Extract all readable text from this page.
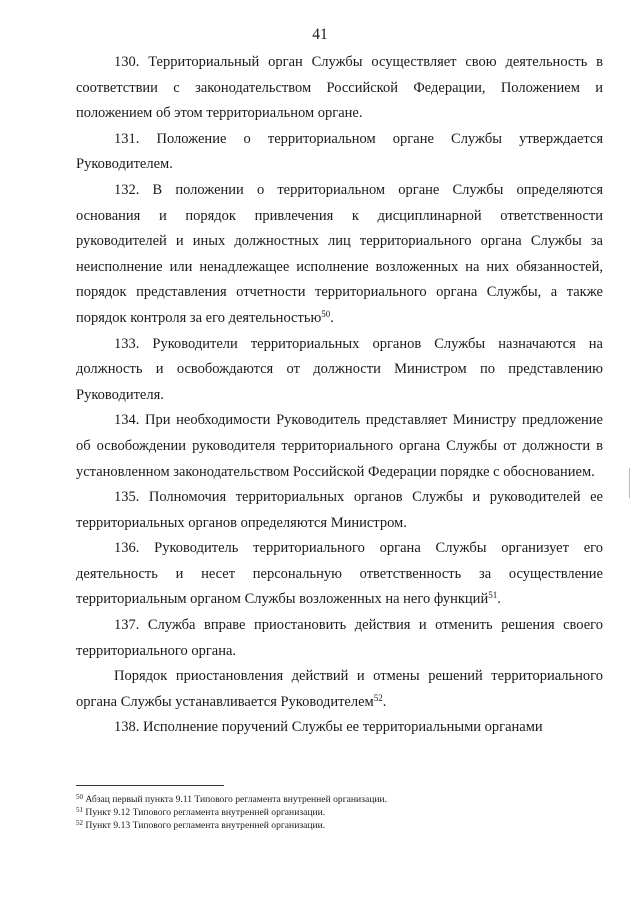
41

130. Территориальный орган Службы осуществляет свою деятельность в соответствии с законодательством Российской Федерации, Положением и положением об этом территориальном органе.

131. Положение о территориальном органе Службы утверждается Руководителем.

132. В положении о территориальном органе Службы определяются основания и порядок привлечения к дисциплинарной ответственности руководителей и иных должностных лиц территориального органа Службы за неисполнение или ненадлежащее исполнение возложенных на них обязанностей, порядок представления отчетности территориального органа Службы, а также порядок контроля за его деятельностью$^{50}$.

133. Руководители территориальных органов Службы назначаются на должность и освобождаются от должности Министром по представлению Руководителя.

134. При необходимости Руководитель представляет Министру предложение об освобождении руководителя территориального органа Службы от должности в установленном законодательством Российской Федерации порядке с обоснованием.

135. Полномочия территориальных органов Службы и руководителей ее территориальных органов определяются Министром.

136. Руководитель территориального органа Службы организует его деятельность и несет персональную ответственность за осуществление территориальным органом Службы возложенных на него функций$^{51}$.

137. Служба вправе приостановить действия и отменить решения своего территориального органа.

Порядок приостановления действий и отмены решений территориального органа Службы устанавливается Руководителем$^{52}$.

138. Исполнение поручений Службы ее территориальными органами

$^{50}$ Абзац первый пункта 9.11 Типового регламента внутренней организации.

$^{51}$ Пункт 9.12 Типового регламента внутренней организации.

$^{52}$ Пункт 9.13 Типового регламента внутренней организации.
